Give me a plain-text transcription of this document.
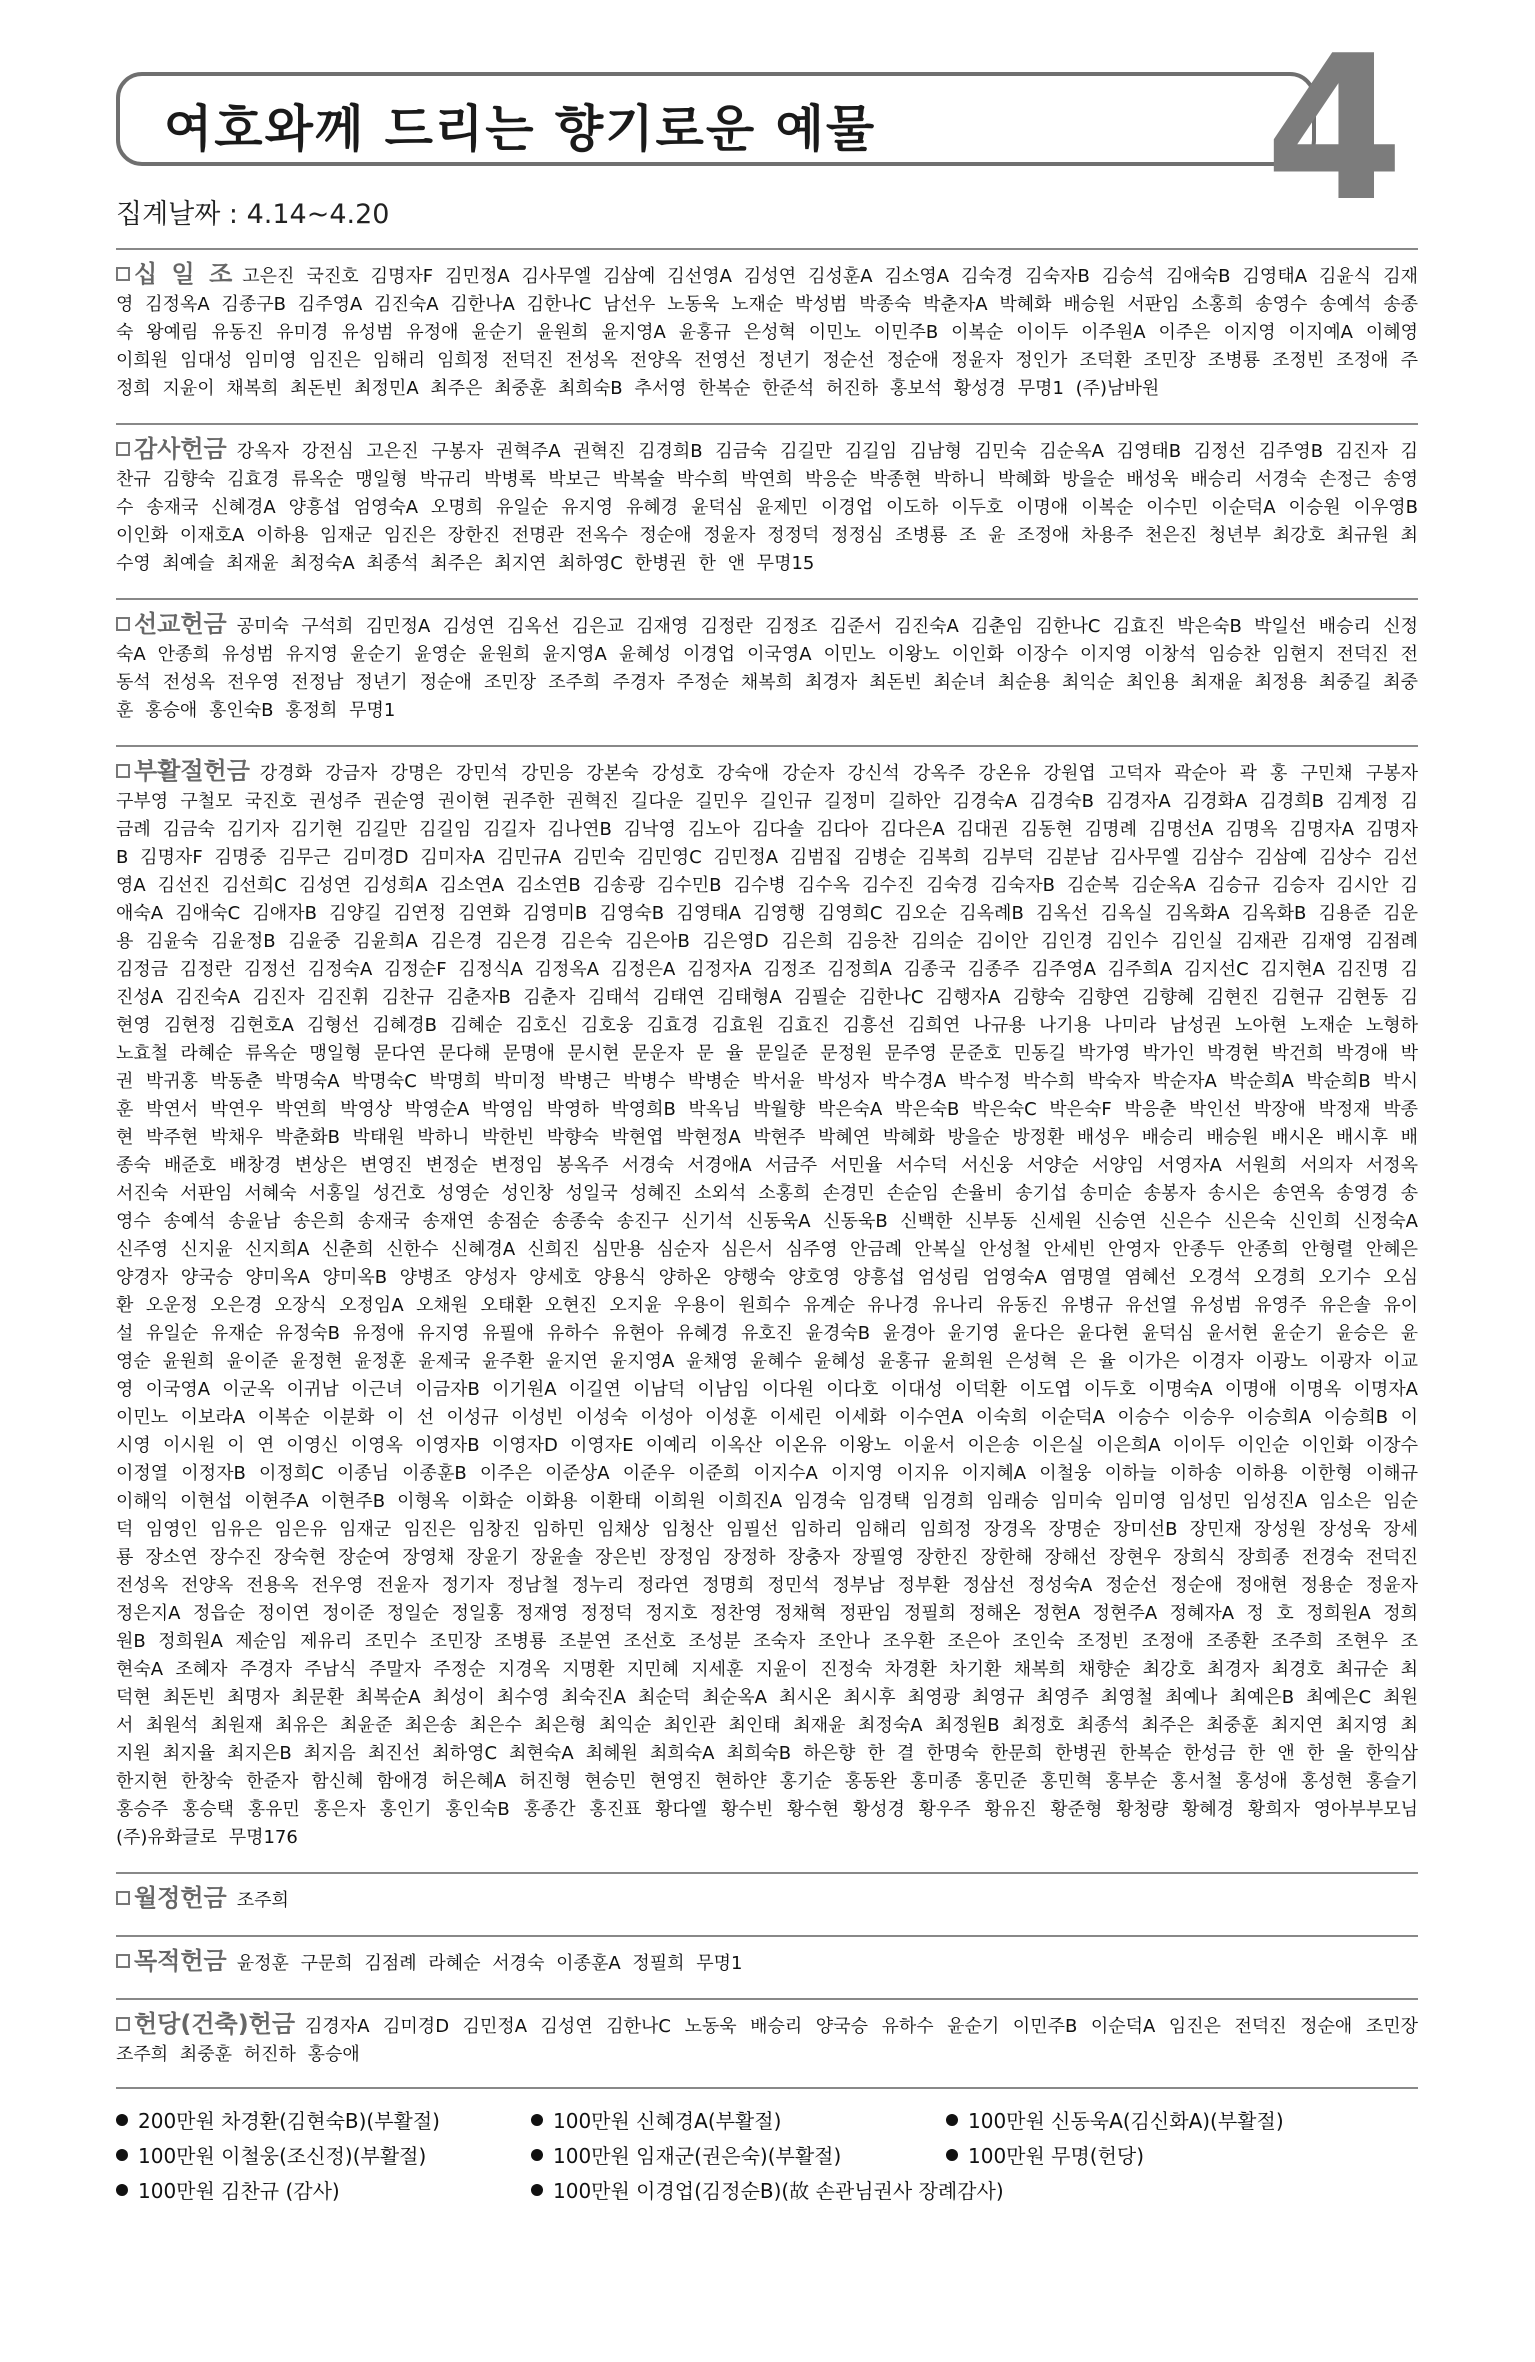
여호와께 드리는 향기로운 예물 4
집계날짜 : 4.14~4.20
십 일 조 고은진 국진호 김명자F 김민정A 김사무엘 김삼예 김선영A 김성연 김성훈A 김소영A 김숙경 김숙자B 김승석 김애숙B 김영태A 김윤식 김재영 김정옥A 김종구B 김주영A 김진숙A 김한나A 김한나C 남선우 노동욱 노재순 박성범 박종숙 박춘자A 박혜화 배승원 서판임 소홍희 송영수 송예석 송종숙 왕예림 유동진 유미경 유성범 유정애 윤순기 윤원희 윤지영A 윤홍규 은성혁 이민노 이민주B 이복순 이이두 이주원A 이주은 이지영 이지예A 이혜영 이희원 임대성 임미영 임진은 임해리 임희정 전덕진 전성옥 전양옥 전영선 정년기 정순선 정순애 정윤자 정인가 조덕환 조민장 조병룡 조정빈 조정애 주정희 지윤이 채복희 최돈빈 최정민A 최주은 최중훈 최희숙B 추서영 한복순 한준석 허진하 홍보석 황성경 무명1 (주)남바원
감사헌금 강옥자 강전심 고은진 구봉자 권혁주A 권혁진 김경희B 김금숙 김길만 김길임 김남형 김민숙 김순옥A 김영태B 김정선 김주영B 김진자 김찬규 김향숙 김효경 류옥순 맹일형 박규리 박병록 박보근 박복술 박수희 박연희 박응순 박종현 박하니 박혜화 방을순 배성욱 배승리 서경숙 손정근 송영수 송재국 신혜경A 양흥섭 엄영숙A 오명희 유일순 유지영 유혜경 윤덕심 윤제민 이경업 이도하 이두호 이명애 이복순 이수민 이순덕A 이승원 이우영B 이인화 이재호A 이하용 임재군 임진은 장한진 전명관 전옥수 정순애 정윤자 정정덕 정정심 조병룡 조 윤 조정애 차용주 천은진 청년부 최강호 최규원 최수영 최예슬 최재윤 최정숙A 최종석 최주은 최지연 최하영C 한병권 한 앤 무명15
선교헌금 공미숙 구석희 김민정A 김성연 김옥선 김은교 김재영 김정란 김정조 김준서 김진숙A 김춘임 김한나C 김효진 박은숙B 박일선 배승리 신정숙A 안종희 유성범 유지영 윤순기 윤영순 윤원희 윤지영A 윤혜성 이경업 이국영A 이민노 이왕노 이인화 이장수 이지영 이창석 임승찬 임현지 전덕진 전동석 전성옥 전우영 전정남 정년기 정순애 조민장 조주희 주경자 주정순 채복희 최경자 최돈빈 최순녀 최순용 최익순 최인용 최재윤 최정용 최중길 최중훈 홍승애 홍인숙B 홍정희 무명1
부활절헌금 강경화 강금자 강명은 강민석 강민응 강본숙 강성호 강숙애 강순자 강신석 강옥주 강온유 강원엽 고덕자 곽순아 곽 홍 구민채 구봉자 구부영 구철모 국진호 권성주 권순영 권이현 권주한 권혁진 길다운 길민우 길인규 길정미 길하안 김경숙A 김경숙B 김경자A 김경화A 김경희B 김계정 김금례 김금숙 김기자 김기현 김길만 김길임 김길자 김나연B 김낙영 김노아 김다솔 김다아 김다은A 김대권 김동현 김명례 김명선A 김명옥 김명자A 김명자B 김명자F 김명중 김무근 김미경D 김미자A 김민규A 김민숙 김민영C 김민정A 김범집 김병순 김복희 김부덕 김분남 김사무엘 김삼수 김삼예 김상수 김선영A 김선진 김선희C 김성연 김성희A 김소연A 김소연B 김송광 김수민B 김수병 김수옥 김수진 김숙경 김숙자B 김순복 김순옥A 김승규 김승자 김시안 김애숙A 김애숙C 김애자B 김양길 김연정 김연화 김영미B 김영숙B 김영태A 김영행 김영희C 김오순 김옥례B 김옥선 김옥실 김옥화A 김옥화B 김용준 김운용 김윤숙 김윤정B 김윤중 김윤희A 김은경 김은경 김은숙 김은아B 김은영D 김은희 김응찬 김의순 김이안 김인경 김인수 김인실 김재관 김재영 김점례 김정금 김정란 김정선 김정숙A 김정순F 김정식A 김정옥A 김정은A 김정자A 김정조 김정희A 김종국 김종주 김주영A 김주희A 김지선C 김지현A 김진명 김진성A 김진숙A 김진자 김진휘 김찬규 김춘자B 김춘자 김태석 김태연 김태형A 김필순 김한나C 김행자A 김향숙 김향연 김향혜 김현진 김현규 김현동 김현영 김현정 김현호A 김형선 김혜경B 김혜순 김호신 김호웅 김효경 김효원 김효진 김흥선 김희연 나규용 나기용 나미라 남성권 노아현 노재순 노형하 노효철 라혜순 류옥순 맹일형 문다연 문다해 문명애 문시현 문운자 문 율 문일준 문정원 문주영 문준호 민동길 박가영 박가인 박경현 박건희 박경애 박 권 박귀홍 박동춘 박명숙A 박명숙C 박명희 박미정 박병근 박병수 박병순 박서윤 박성자 박수경A 박수정 박수희 박숙자 박순자A 박순희A 박순희B 박시훈 박연서 박연우 박연희 박영상 박영순A 박영임 박영하 박영희B 박옥님 박월향 박은숙A 박은숙B 박은숙C 박은숙F 박응춘 박인선 박장애 박정재 박종현 박주현 박채우 박춘화B 박태원 박하니 박한빈 박향숙 박현엽 박현정A 박현주 박혜연 박혜화 방을순 방정환 배성우 배승리 배승원 배시온 배시후 배종숙 배준호 배창경 변상은 변영진 변정순 변정임 봉옥주 서경숙 서경애A 서금주 서민율 서수덕 서신웅 서양순 서양임 서영자A 서원희 서의자 서정옥 서진숙 서판임 서혜숙 서홍일 성건호 성영순 성인창 성일국 성혜진 소외석 소홍희 손경민 손순임 손율비 송기섭 송미순 송봉자 송시은 송연옥 송영경 송영수 송예석 송윤남 송은희 송재국 송재연 송점순 송종숙 송진구 신기석 신동욱A 신동욱B 신백한 신부동 신세원 신승연 신은수 신은숙 신인희 신정숙A 신주영 신지윤 신지희A 신춘희 신한수 신혜경A 신희진 심만용 심순자 심은서 심주영 안금례 안복실 안성철 안세빈 안영자 안종두 안종희 안형렬 안혜은 양경자 양국승 양미옥A 양미옥B 양병조 양성자 양세호 양용식 양하온 양행숙 양호영 양흥섭 엄성림 엄영숙A 염명열 염혜선 오경석 오경희 오기수 오심환 오운정 오은경 오장식 오정임A 오채원 오태환 오현진 오지윤 우용이 원희수 유계순 유나경 유나리 유동진 유병규 유선열 유성범 유영주 유은솔 유이설 유일순 유재순 유정숙B 유정애 유지영 유필애 유하수 유현아 유혜경 유호진 윤경숙B 윤경아 윤기영 윤다은 윤다현 윤덕심 윤서현 윤순기 윤승은 윤영순 윤원희 윤이준 윤정현 윤정훈 윤제국 윤주환 윤지연 윤지영A 윤채영 윤혜수 윤혜성 윤홍규 윤희원 은성혁 은 율 이가은 이경자 이광노 이광자 이교영 이국영A 이군옥 이귀남 이근녀 이금자B 이기원A 이길연 이남덕 이남임 이다원 이다호 이대성 이덕환 이도엽 이두호 이명숙A 이명애 이명옥 이명자A 이민노 이보라A 이복순 이분화 이 선 이성규 이성빈 이성숙 이성아 이성훈 이세린 이세화 이수연A 이숙희 이순덕A 이승수 이승우 이승희A 이승희B 이시영 이시원 이 연 이영신 이영옥 이영자B 이영자D 이영자E 이예리 이옥산 이온유 이왕노 이윤서 이은송 이은실 이은희A 이이두 이인순 이인화 이장수 이정열 이정자B 이정희C 이종님 이종훈B 이주은 이준상A 이준우 이준희 이지수A 이지영 이지유 이지혜A 이철웅 이하늘 이하송 이하용 이한형 이해규 이해익 이현섭 이현주A 이현주B 이형옥 이화순 이화용 이환태 이희원 이희진A 임경숙 임경택 임경희 임래승 임미숙 임미영 임성민 임성진A 임소은 임순덕 임영인 임유은 임은유 임재군 임진은 임창진 임하민 임채상 임청산 임필선 임하리 임해리 임희정 장경옥 장명순 장미선B 장민재 장성원 장성욱 장세룡 장소연 장수진 장숙현 장순여 장영채 장윤기 장윤솔 장은빈 장정임 장정하 장충자 장필영 장한진 장한해 장해선 장현우 장희식 장희종 전경숙 전덕진 전성옥 전양옥 전용옥 전우영 전윤자 정기자 정남철 정누리 정라연 정명희 정민석 정부남 정부환 정삼선 정성숙A 정순선 정순애 정애현 정용순 정윤자 정은지A 정읍순 정이연 정이준 정일순 정일홍 정재영 정정덕 정지호 정찬영 정채혁 정판임 정필희 정해온 정현A 정현주A 정혜자A 정 호 정희원A 정희원B 정희원A 제순임 제유리 조민수 조민장 조병룡 조분연 조선호 조성분 조숙자 조안나 조우환 조은아 조인숙 조정빈 조정애 조종환 조주희 조현우 조현숙A 조혜자 주경자 주남식 주말자 주정순 지경옥 지명환 지민혜 지세훈 지윤이 진정숙 차경환 차기환 채복희 채향순 최강호 최경자 최경호 최규순 최덕현 최돈빈 최명자 최문환 최복순A 최성이 최수영 최숙진A 최순덕 최순옥A 최시온 최시후 최영광 최영규 최영주 최영철 최예나 최예은B 최예은C 최원서 최원석 최원재 최유은 최윤준 최은송 최은수 최은형 최익순 최인관 최인태 최재윤 최정숙A 최정원B 최정호 최종석 최주은 최중훈 최지연 최지영 최지원 최지율 최지은B 최지음 최진선 최하영C 최현숙A 최혜원 최희숙A 최희숙B 하은향 한 결 한명숙 한문희 한병권 한복순 한성금 한 앤 한 울 한익삼 한지현 한창숙 한준자 함신혜 함애경 허은혜A 허진형 현승민 현영진 현하얀 홍기순 홍동완 홍미종 홍민준 홍민혁 홍부순 홍서철 홍성애 홍성현 홍슬기 홍승주 홍승택 홍유민 홍은자 홍인기 홍인숙B 홍종간 홍진표 황다엘 황수빈 황수현 황성경 황우주 황유진 황준형 황청량 황혜경 황희자 영아부부모님 (주)유화글로 무명176
월정헌금 조주희
목적헌금 윤정훈 구문희 김점례 라혜순 서경숙 이종훈A 정필희 무명1
헌당(건축)헌금 김경자A 김미경D 김민정A 김성연 김한나C 노동욱 배승리 양국승 유하수 윤순기 이민주B 이순덕A 임진은 전덕진 정순애 조민장 조주희 최중훈 허진하 홍승애
200만원 차경환(김현숙B)(부활절)	100만원 신혜경A(부활절)	100만원 신동욱A(김신화A)(부활절)
100만원 이철웅(조신정)(부활절)	100만원 임재군(권은숙)(부활절)	100만원 무명(헌당)
100만원 김찬규 (감사)	100만원 이경업(김정순B)(故 손관님권사 장례감사)
